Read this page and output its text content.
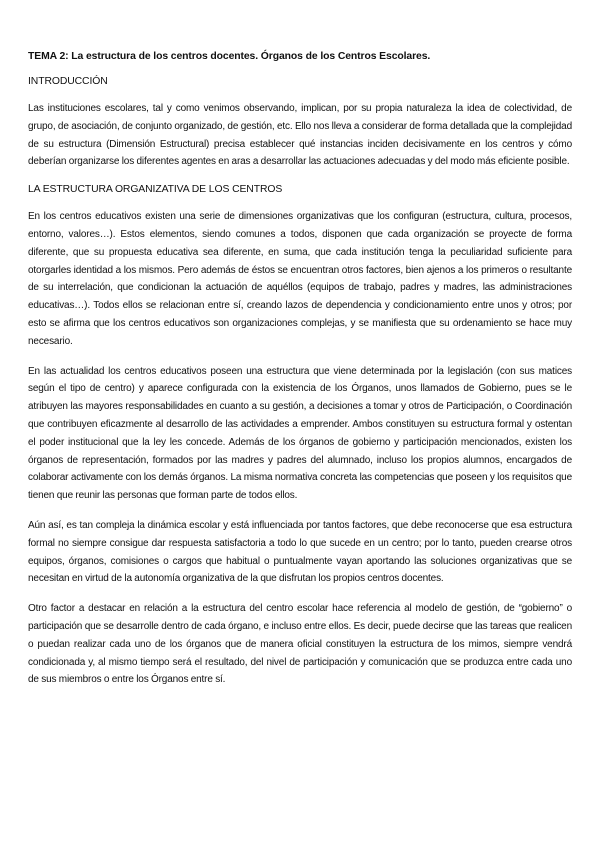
TEMA 2: La estructura de los centros docentes. Órganos de los Centros Escolares.
INTRODUCCIÓN

Las instituciones escolares, tal y como venimos observando, implican, por su propia naturaleza la idea de colectividad, de grupo, de asociación, de conjunto organizado, de gestión, etc. Ello nos lleva a considerar de forma detallada que la complejidad de su estructura (Dimensión Estructural) precisa establecer qué instancias inciden decisivamente en los centros y cómo deberían organizarse los diferentes agentes en aras a desarrollar las actuaciones adecuadas y del modo más eficiente posible.

LA ESTRUCTURA ORGANIZATIVA DE LOS CENTROS

En los centros educativos existen una serie de dimensiones organizativas que los configuran (estructura, cultura, procesos, entorno, valores…). Estos elementos, siendo comunes a todos, disponen que cada organización se proyecte de forma diferente, que su propuesta educativa sea diferente, en suma, que cada institución tenga la peculiaridad suficiente para otorgarles identidad a los mismos. Pero además de éstos se encuentran otros factores, bien ajenos a los primeros o resultante de su interrelación, que condicionan la actuación de aquéllos (equipos de trabajo, padres y madres, las administraciones educativas…). Todos ellos se relacionan entre sí, creando lazos de dependencia y condicionamiento entre unos y otros; por esto se afirma que los centros educativos son organizaciones complejas, y se manifiesta que su ordenamiento se hace muy necesario.

En las actualidad los centros educativos poseen una estructura que viene determinada por la legislación (con sus matices según el tipo de centro) y aparece configurada con la existencia de los Órganos, unos llamados de Gobierno, pues se le atribuyen las mayores responsabilidades en cuanto a su gestión, a decisiones a tomar y otros de Participación, o Coordinación que contribuyen eficazmente al desarrollo de las actividades a emprender. Ambos constituyen su estructura formal y ostentan el poder institucional que la ley les concede. Además de los órganos de gobierno y participación mencionados, existen los órganos de representación, formados por las madres y padres del alumnado, incluso los propios alumnos, encargados de colaborar activamente con los demás órganos. La misma normativa concreta las competencias que poseen y los requisitos que tienen que reunir las personas que forman parte de todos ellos.

Aún así, es tan compleja la dinámica escolar y está influenciada por tantos factores, que debe reconocerse que esa estructura formal no siempre consigue dar respuesta satisfactoria a todo lo que sucede en un centro; por lo tanto, pueden crearse otros equipos, órganos, comisiones o cargos que habitual o puntualmente vayan aportando las soluciones organizativas que se necesitan en virtud de la autonomía organizativa de la que disfrutan los propios centros docentes.

Otro factor a destacar en relación a la estructura del centro escolar hace referencia al modelo de gestión, de “gobierno” o participación que se desarrolle dentro de cada órgano, e incluso entre ellos. Es decir, puede decirse que las tareas que realicen o puedan realizar cada uno de los órganos que de manera oficial constituyen la estructura de los mimos, siempre vendrá condicionada y, al mismo tiempo será el resultado, del nivel de participación y comunicación que se produzca entre cada uno de sus miembros o entre los Órganos entre sí.
